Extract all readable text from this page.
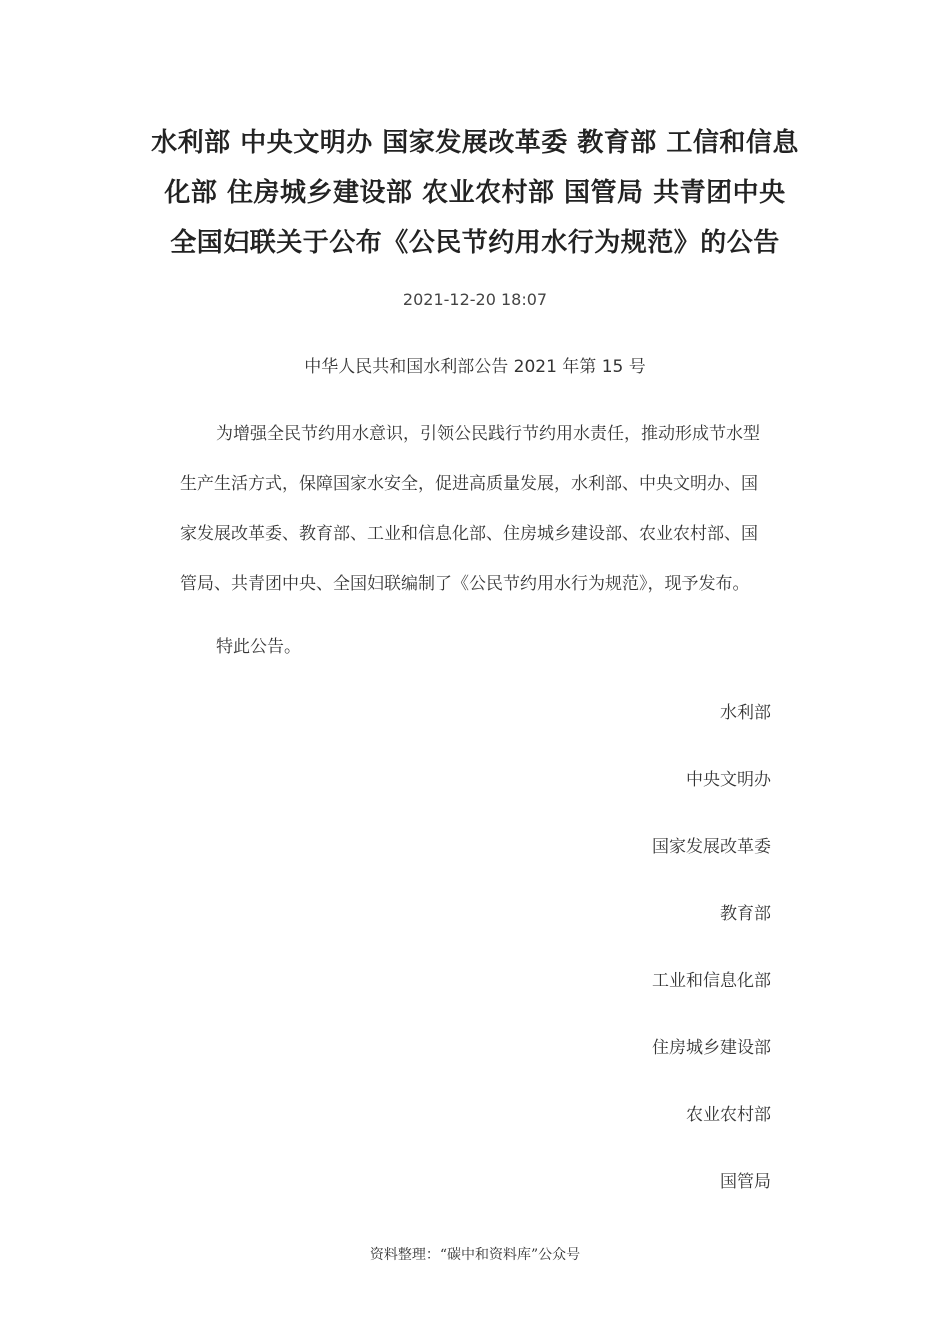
水利部 中央文明办 国家发展改革委 教育部 工信和信息
化部 住房城乡建设部 农业农村部 国管局 共青团中央
全国妇联关于公布《公民节约用水行为规范》的公告
2021-12-20 18:07
中华人民共和国水利部公告 2021 年第 15 号
为增强全民节约用水意识，引领公民践行节约用水责任，推动形成节水型
生产生活方式，保障国家水安全，促进高质量发展，水利部、中央文明办、国
家发展改革委、教育部、工业和信息化部、住房城乡建设部、农业农村部、国
管局、共青团中央、全国妇联编制了《公民节约用水行为规范》，现予发布。
特此公告。
水利部
中央文明办
国家发展改革委
教育部
工业和信息化部
住房城乡建设部
农业农村部
国管局
资料整理：“碳中和资料库”公众号
